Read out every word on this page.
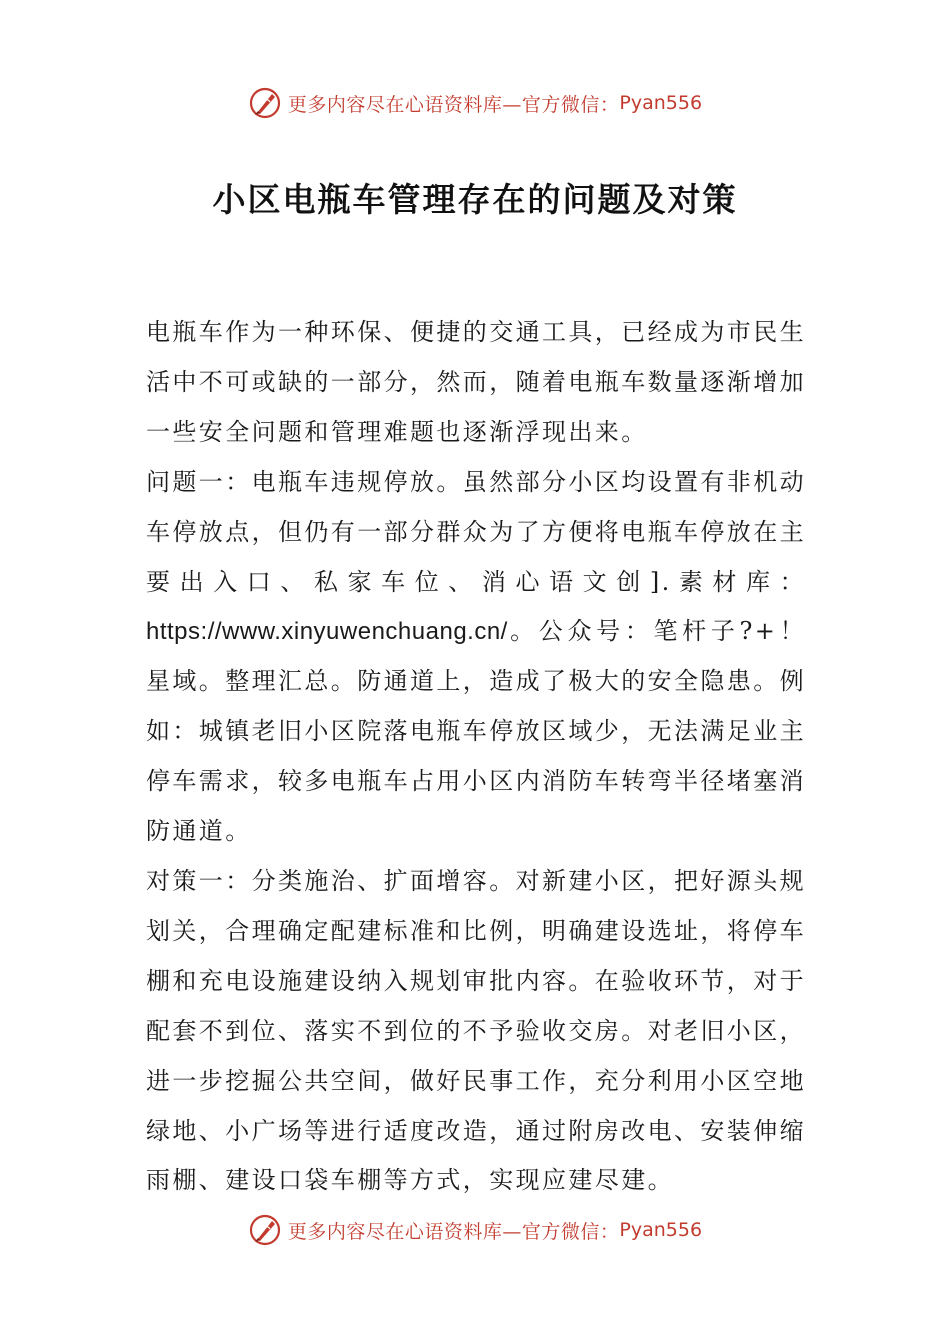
更多内容尽在心语资料库—官方微信： Pyan556
小区电瓶车管理存在的问题及对策

电瓶车作为一种环保、便捷的交通工具，已经成为市民生活中不可或缺的一部分，然而，随着电瓶车数量逐渐增加一些安全问题和管理难题也逐渐浮现出来。

问题一：电瓶车违规停放。虽然部分小区均设置有非机动车停放点，但仍有一部分群众为了方便将电瓶车停放在主要出入口、私家车位、消心语文创].素材库：https://www.xinyuwenchuang.cn/。公众号：笔杆子?+！星域。整理汇总。防通道上，造成了极大的安全隐患。例如：城镇老旧小区院落电瓶车停放区域少，无法满足业主停车需求，较多电瓶车占用小区内消防车转弯半径堵塞消防通道。

对策一：分类施治、扩面增容。对新建小区，把好源头规划关，合理确定配建标准和比例，明确建设选址，将停车棚和充电设施建设纳入规划审批内容。在验收环节，对于配套不到位、落实不到位的不予验收交房。对老旧小区，进一步挖掘公共空间，做好民事工作，充分利用小区空地绿地、小广场等进行适度改造，通过附房改电、安装伸缩雨棚、建设口袋车棚等方式，实现应建尽建。

更多内容尽在心语资料库—官方微信： Pyan556
